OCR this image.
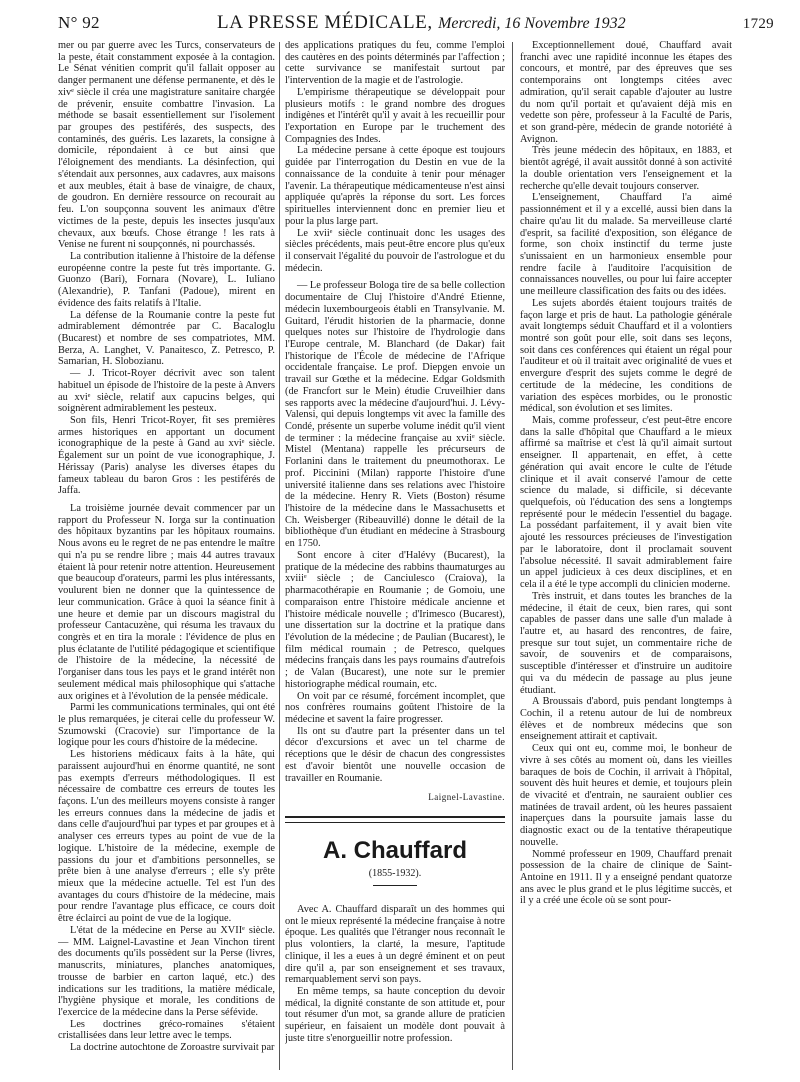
N° 92	LA PRESSE MÉDICALE, Mercredi, 16 Novembre 1932	1729

mer ou par guerre avec les Turcs, conservateurs de la peste, était constamment exposée à la contagion. Le Sénat vénitien comprit qu'il fallait opposer au danger permanent une défense permanente, et dès le xivᵉ siècle il créa une magistrature sanitaire chargée de prévenir, ensuite combattre l'invasion. La méthode se basait essentiellement sur l'isolement par groupes des pestiférés, des suspects, des contaminés, des guéris. Les lazarets, la consigne à domicile, répondaient à ce but ainsi que l'éloignement des mendiants. La désinfection, qui s'étendait aux personnes, aux cadavres, aux maisons et aux meubles, était à base de vinaigre, de chaux, de goudron. En dernière ressource on recourait au feu. L'on soupçonna souvent les animaux d'être victimes de la peste, depuis les insectes jusqu'aux chevaux, aux bœufs. Chose étrange ! les rats à Venise ne furent ni soupçonnés, ni pourchassés.

La contribution italienne à l'histoire de la défense européenne contre la peste fut très importante. G. Guonzo (Bari), Fornara (Novare), L. Iuliano (Alexandrie), P. Tanfani (Padoue), mirent en évidence des faits relatifs à l'Italie.

La défense de la Roumanie contre la peste fut admirablement démontrée par C. Bacaloglu (Bucarest) et nombre de ses compatriotes, MM. Berza, A. Langhet, V. Panaitesco, Z. Petresco, P. Samarian, H. Slobozianu.

— J. Tricot-Royer décrivit avec son talent habituel un épisode de l'histoire de la peste à Anvers au xviᵉ siècle, relatif aux capucins belges, qui soignèrent admirablement les pesteux.

Son fils, Henri Tricot-Royer, fit ses premières armes historiques en apportant un document iconographique de la peste à Gand au xviᵉ siècle. Également sur un point de vue iconographique, J. Hérissay (Paris) analyse les diverses étapes du fameux tableau du baron Gros : les pestiférés de Jaffa.

La troisième journée devait commencer par un rapport du Professeur N. Iorga sur la continuation des hôpitaux byzantins par les hôpitaux roumains. Nous avons eu le regret de ne pas entendre le maître qui n'a pu se rendre libre ; mais 44 autres travaux étaient là pour retenir notre attention. Heureusement que beaucoup d'orateurs, parmi les plus intéressants, voulurent bien ne donner que la quintessence de leur communication. Grâce à quoi la séance finit à une heure et demie par un discours magistral du professeur Cantacuzène, qui résuma les travaux du congrès et en tira la morale : l'évidence de plus en plus éclatante de l'utilité pédagogique et scientifique de l'histoire de la médecine, la nécessité de l'organiser dans tous les pays et le grand intérêt non seulement médical mais philosophique qui s'attache aux origines et à l'évolution de la pensée médicale.

Parmi les communications terminales, qui ont été le plus remarquées, je citerai celle du professeur W. Szumowski (Cracovie) sur l'importance de la logique pour les cours d'histoire de la médecine.

Les historiens médicaux faits à la hâte, qui paraissent aujourd'hui en énorme quantité, ne sont pas exempts d'erreurs méthodologiques. Il est nécessaire de combattre ces erreurs de toutes les façons. L'un des meilleurs moyens consiste à ranger les erreurs connues dans la médecine de jadis et dans celle d'aujourd'hui par types et par groupes et à analyser ces erreurs types au point de vue de la logique. L'histoire de la médecine, exemple de passions du jour et d'ambitions personnelles, se prête bien à une analyse d'erreurs ; elle s'y prête mieux que la médecine actuelle. Tel est l'un des avantages du cours d'histoire de la médecine, mais pour rendre l'avantage plus efficace, ce cours doit être éclairci au point de vue de la logique.

L'état de la médecine en Perse au XVIIᵉ siècle. — MM. Laignel-Lavastine et Jean Vinchon tirent des documents qu'ils possèdent sur la Perse (livres, manuscrits, miniatures, planches anatomiques, trousse de barbier en carton laqué, etc.) des indications sur les traditions, la matière médicale, l'hygiène physique et morale, les conditions de l'exercice de la médecine dans la Perse séfévide.

Les doctrines gréco-romaines s'étaient cristallisées dans leur lettre avec le temps.

La doctrine autochtone de Zoroastre survivait par

des applications pratiques du feu, comme l'emploi des cautères en des points déterminés par l'affection ; cette survivance se manifestait surtout par l'intervention de la magie et de l'astrologie.

L'empirisme thérapeutique se développait pour plusieurs motifs : le grand nombre des drogues indigènes et l'intérêt qu'il y avait à les recueillir pour l'exportation en Europe par le truchement des Compagnies des Indes.

La médecine persane à cette époque est toujours guidée par l'interrogation du Destin en vue de la connaissance de la conduite à tenir pour ménager l'avenir. La thérapeutique médicamenteuse n'est ainsi appliquée qu'après la réponse du sort. Les forces spirituelles interviennent donc en premier lieu et pour la plus large part.

Le xviiᵉ siècle continuait donc les usages des siècles précédents, mais peut-être encore plus qu'eux il conservait l'égalité du pouvoir de l'astrologue et du médecin.

— Le professeur Bologa tire de sa belle collection documentaire de Cluj l'histoire d'André Etienne, médecin luxembourgeois établi en Transylvanie. M. Guitard, l'érudit historien de la pharmacie, donne quelques notes sur l'histoire de l'hydrologie dans l'Europe centrale, M. Blanchard (de Dakar) fait l'historique de l'École de médecine de l'Afrique occidentale française. Le prof. Diepgen envoie un travail sur Gœthe et la médecine. Edgar Goldsmith (de Francfort sur le Mein) étudie Cruveilhier dans ses rapports avec la médecine d'aujourd'hui. J. Lévy-Valensi, qui depuis longtemps vit avec la famille des Condé, présente un superbe volume inédit qu'il vient de terminer : la médecine française au xviiᵉ siècle. Mistel (Mentana) rappelle les précurseurs de Forlanini dans le traitement du pneumothorax. Le prof. Piccinini (Milan) rapporte l'histoire d'une université italienne dans ses relations avec l'histoire de la médecine. Henry R. Viets (Boston) résume l'histoire de la médecine dans le Massachusetts et Ch. Weisberger (Ribeauvillé) donne le détail de la bibliothèque d'un étudiant en médecine à Strasbourg en 1750.

Sont encore à citer d'Halévy (Bucarest), la pratique de la médecine des rabbins thaumaturges au xviiiᵉ siècle ; de Canciulesco (Craiova), la pharmacothérapie en Roumanie ; de Gomoiu, une comparaison entre l'histoire médicale ancienne et l'histoire médicale nouvelle ; d'Irimesco (Bucarest), une dissertation sur la doctrine et la pratique dans l'évolution de la médecine ; de Paulian (Bucarest), le film médical roumain ; de Petresco, quelques médecins français dans les pays roumains d'autrefois ; de Valan (Bucarest), une note sur le premier historiographe médical roumain, etc.

On voit par ce résumé, forcément incomplet, que nos confrères roumains goûtent l'histoire de la médecine et savent la faire progresser.

Ils ont su d'autre part la présenter dans un tel décor d'excursions et avec un tel charme de réceptions que le désir de chacun des congressistes est d'avoir bientôt une nouvelle occasion de travailler en Roumanie.

Laignel-Lavastine.

A. Chauffard
(1855-1932).

Avec A. Chauffard disparaît un des hommes qui ont le mieux représenté la médecine française à notre époque. Les qualités que l'étranger nous reconnaît le plus volontiers, la clarté, la mesure, l'aptitude clinique, il les a eues à un degré éminent et on peut dire qu'il a, par son enseignement et ses travaux, remarquablement servi son pays.

En même temps, sa haute conception du devoir médical, la dignité constante de son attitude et, pour tout résumer d'un mot, sa grande allure de praticien supérieur, en faisaient un modèle dont pouvait à juste titre s'enorgueillir notre profession.

Exceptionnellement doué, Chauffard avait franchi avec une rapidité inconnue les étapes des concours, et montré, par des épreuves que ses contemporains ont longtemps citées avec admiration, qu'il serait capable d'ajouter au lustre du nom qu'il portait et qu'avaient déjà mis en vedette son père, professeur à la Faculté de Paris, et son grand-père, médecin de grande notoriété à Avignon.

Très jeune médecin des hôpitaux, en 1883, et bientôt agrégé, il avait aussitôt donné à son activité la double orientation vers l'enseignement et la recherche qu'elle devait toujours conserver.

L'enseignement, Chauffard l'a aimé passionnément et il y a excellé, aussi bien dans la chaire qu'au lit du malade. Sa merveilleuse clarté d'esprit, sa facilité d'exposition, son élégance de forme, son choix instinctif du terme juste s'unissaient en un harmonieux ensemble pour rendre facile à l'auditoire l'acquisition de connaissances nouvelles, ou pour lui faire accepter une meilleure classification des faits ou des idées.

Les sujets abordés étaient toujours traités de façon large et pris de haut. La pathologie générale avait longtemps séduit Chauffard et il a volontiers montré son goût pour elle, soit dans ses leçons, soit dans ces conférences qui étaient un régal pour l'auditeur et où il traitait avec originalité de vues et envergure d'esprit des sujets comme le degré de certitude de la médecine, les conditions de variation des espèces morbides, ou le pronostic médical, son évolution et ses limites.

Mais, comme professeur, c'est peut-être encore dans la salle d'hôpital que Chauffard a le mieux affirmé sa maîtrise et c'est là qu'il aimait surtout enseigner. Il appartenait, en effet, à cette génération qui avait encore le culte de l'étude clinique et il avait conservé l'amour de cette science du malade, si difficile, si décevante quelquefois, où l'éducation des sens a longtemps représenté pour le médecin l'essentiel du bagage. La possédant parfaitement, il y avait bien vite ajouté les ressources précieuses de l'investigation par le laboratoire, dont il proclamait souvent l'absolue nécessité. Il savait admirablement faire un appel judicieux à ces deux disciplines, et en cela il a été le type accompli du clinicien moderne.

Très instruit, et dans toutes les branches de la médecine, il était de ceux, bien rares, qui sont capables de passer dans une salle d'un malade à l'autre et, au hasard des rencontres, de faire, presque sur tout sujet, un commentaire riche de savoir, de souvenirs et de comparaisons, susceptible d'intéresser et d'instruire un auditoire qui va du médecin de passage au plus jeune étudiant.

A Broussais d'abord, puis pendant longtemps à Cochin, il a retenu autour de lui de nombreux élèves et de nombreux médecins que son enseignement attirait et captivait.

Ceux qui ont eu, comme moi, le bonheur de vivre à ses côtés au moment où, dans les vieilles baraques de bois de Cochin, il arrivait à l'hôpital, souvent dès huit heures et demie, et toujours plein de vivacité et d'entrain, ne sauraient oublier ces matinées de travail ardent, où les heures passaient inaperçues dans la poursuite jamais lasse du diagnostic exact ou de la tentative thérapeutique nouvelle.

Nommé professeur en 1909, Chauffard prenait possession de la chaire de clinique de Saint-Antoine en 1911. Il y a enseigné pendant quatorze ans avec le plus grand et le plus légitime succès, et il y a créé une école où se sont pour-
